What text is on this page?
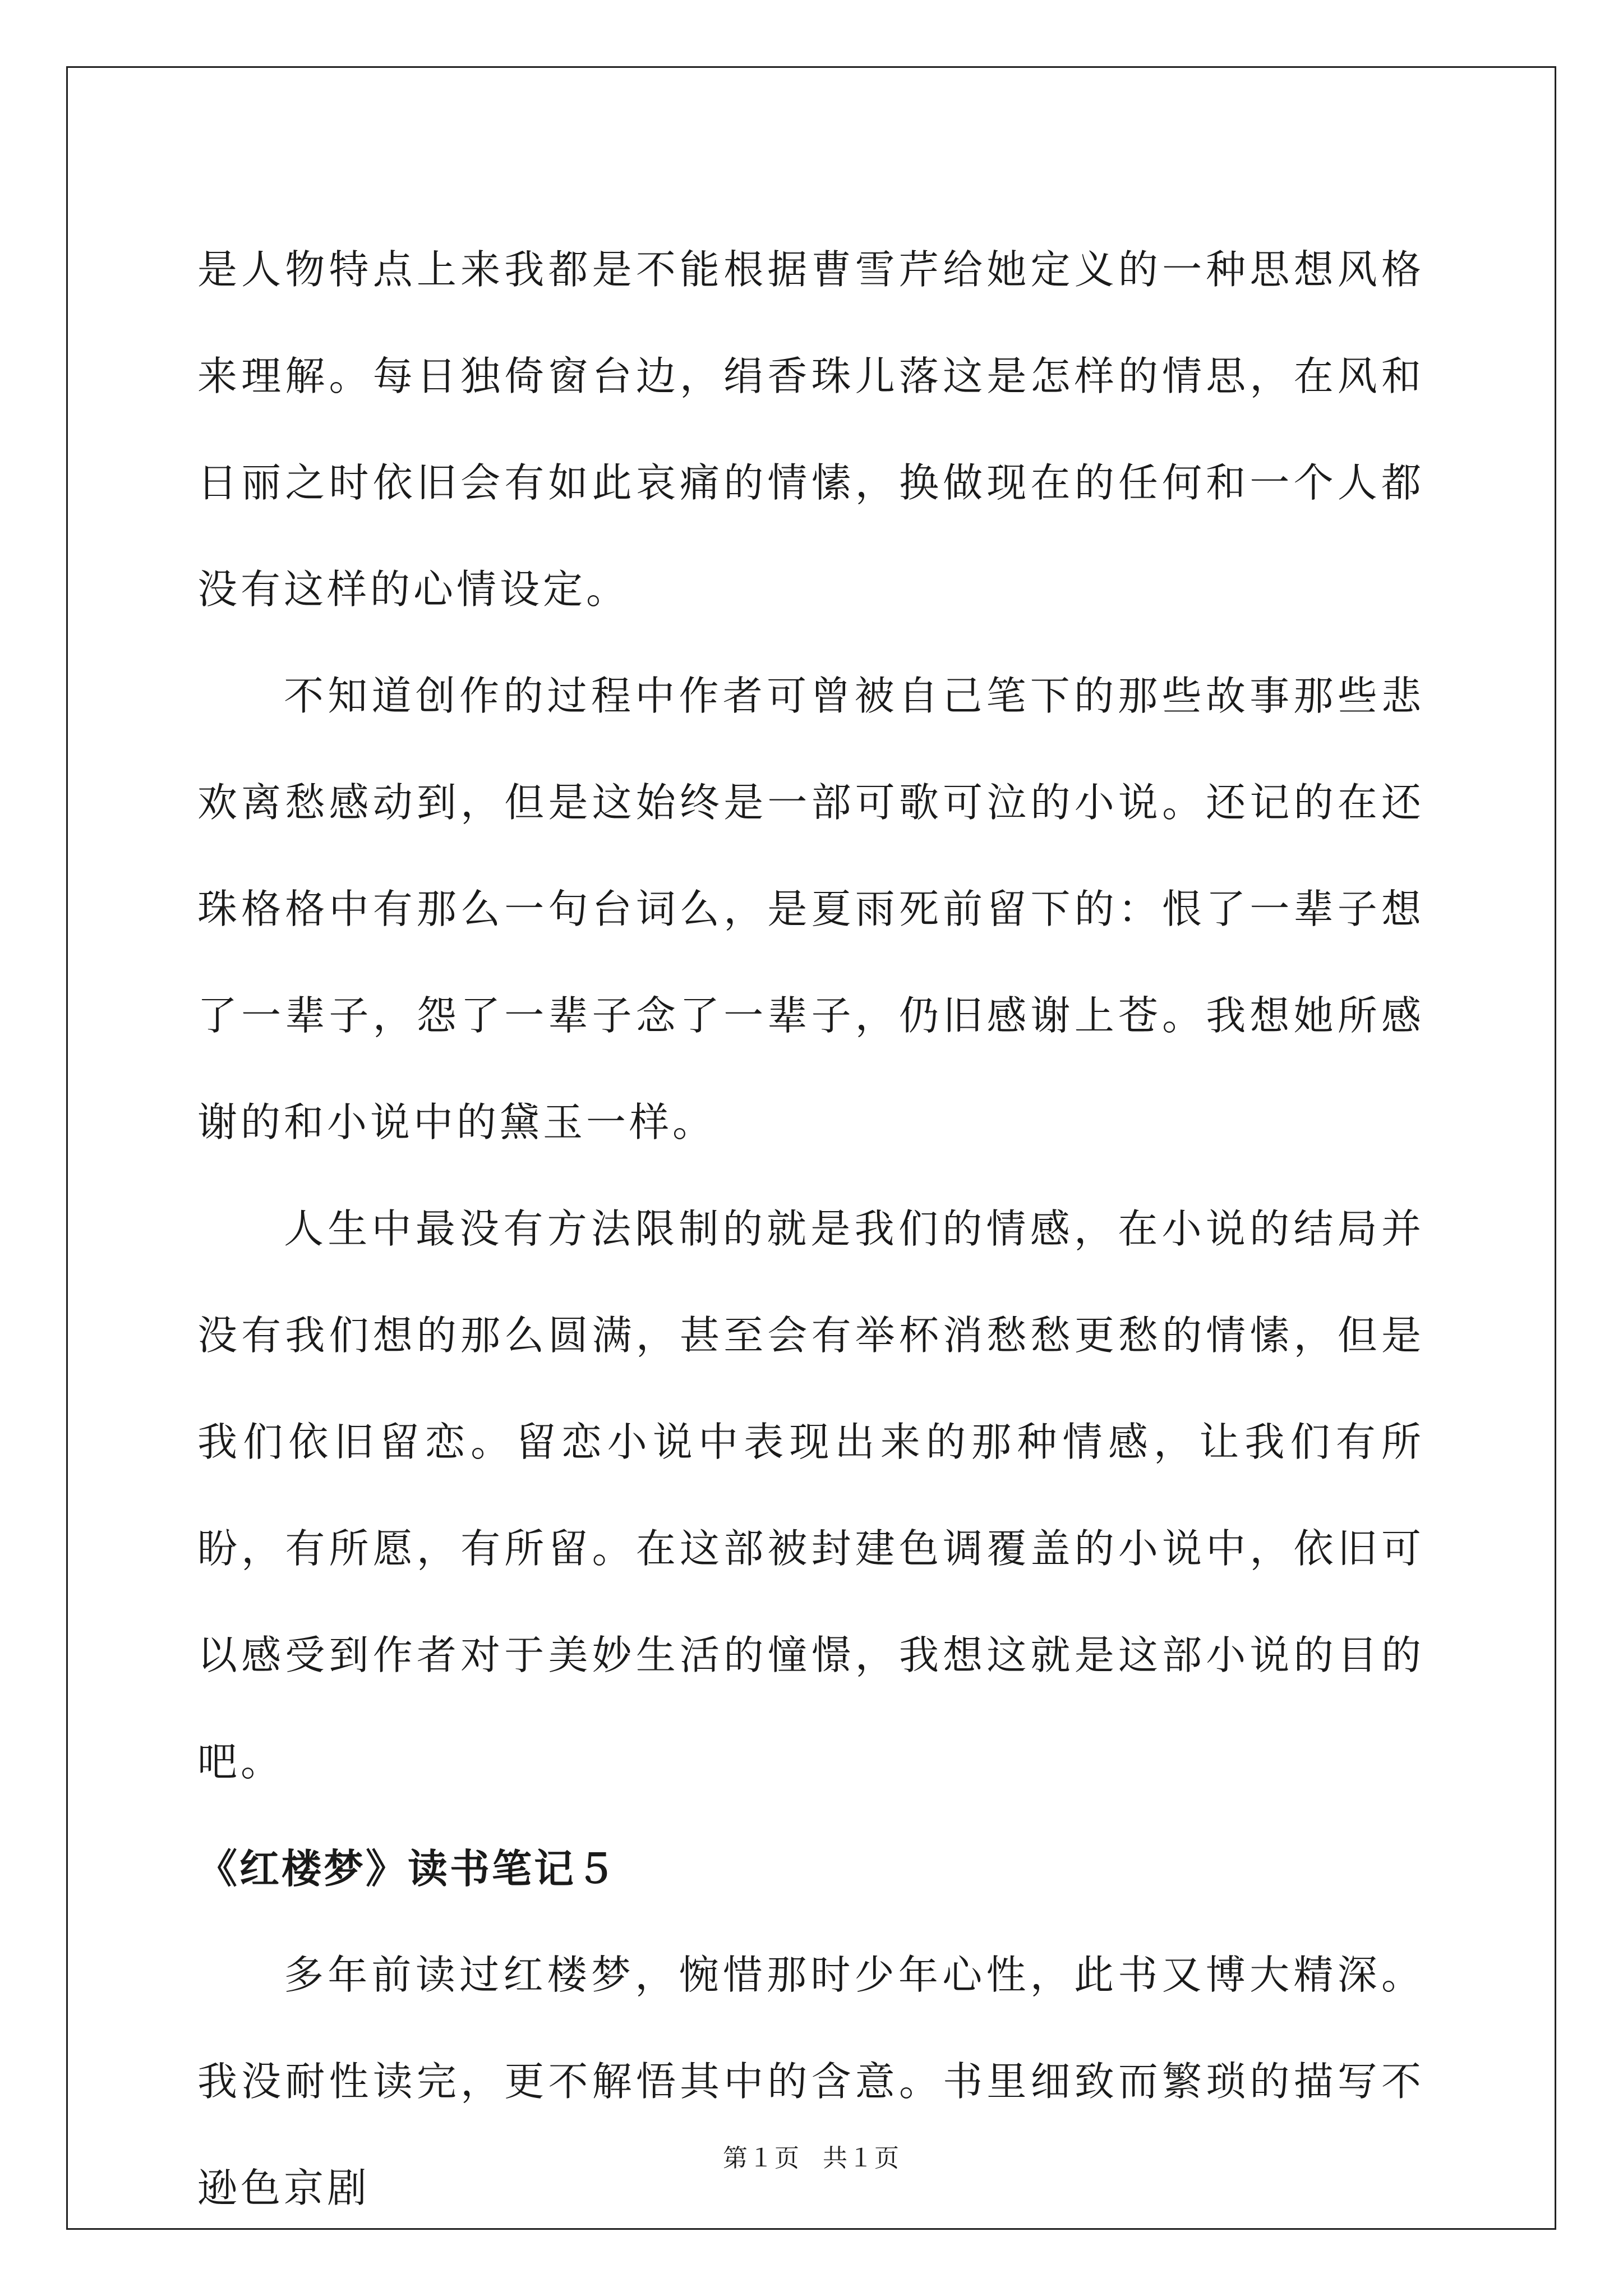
是人物特点上来我都是不能根据曹雪芹给她定义的一种思想风格来理解。每日独倚窗台边，绢香珠儿落这是怎样的情思，在风和日丽之时依旧会有如此哀痛的情愫，换做现在的任何和一个人都没有这样的心情设定。

不知道创作的过程中作者可曾被自己笔下的那些故事那些悲欢离愁感动到，但是这始终是一部可歌可泣的小说。还记的在还珠格格中有那么一句台词么，是夏雨死前留下的：恨了一辈子想了一辈子，怨了一辈子念了一辈子，仍旧感谢上苍。我想她所感谢的和小说中的黛玉一样。

人生中最没有方法限制的就是我们的情感，在小说的结局并没有我们想的那么圆满，甚至会有举杯消愁愁更愁的情愫，但是我们依旧留恋。留恋小说中表现出来的那种情感，让我们有所盼，有所愿，有所留。在这部被封建色调覆盖的小说中，依旧可以感受到作者对于美妙生活的憧憬，我想这就是这部小说的目的吧。

《红楼梦》读书笔记５

多年前读过红楼梦，惋惜那时少年心性，此书又博大精深。我没耐性读完，更不解悟其中的含意。书里细致而繁琐的描写不逊色京剧

第１页 共１页
